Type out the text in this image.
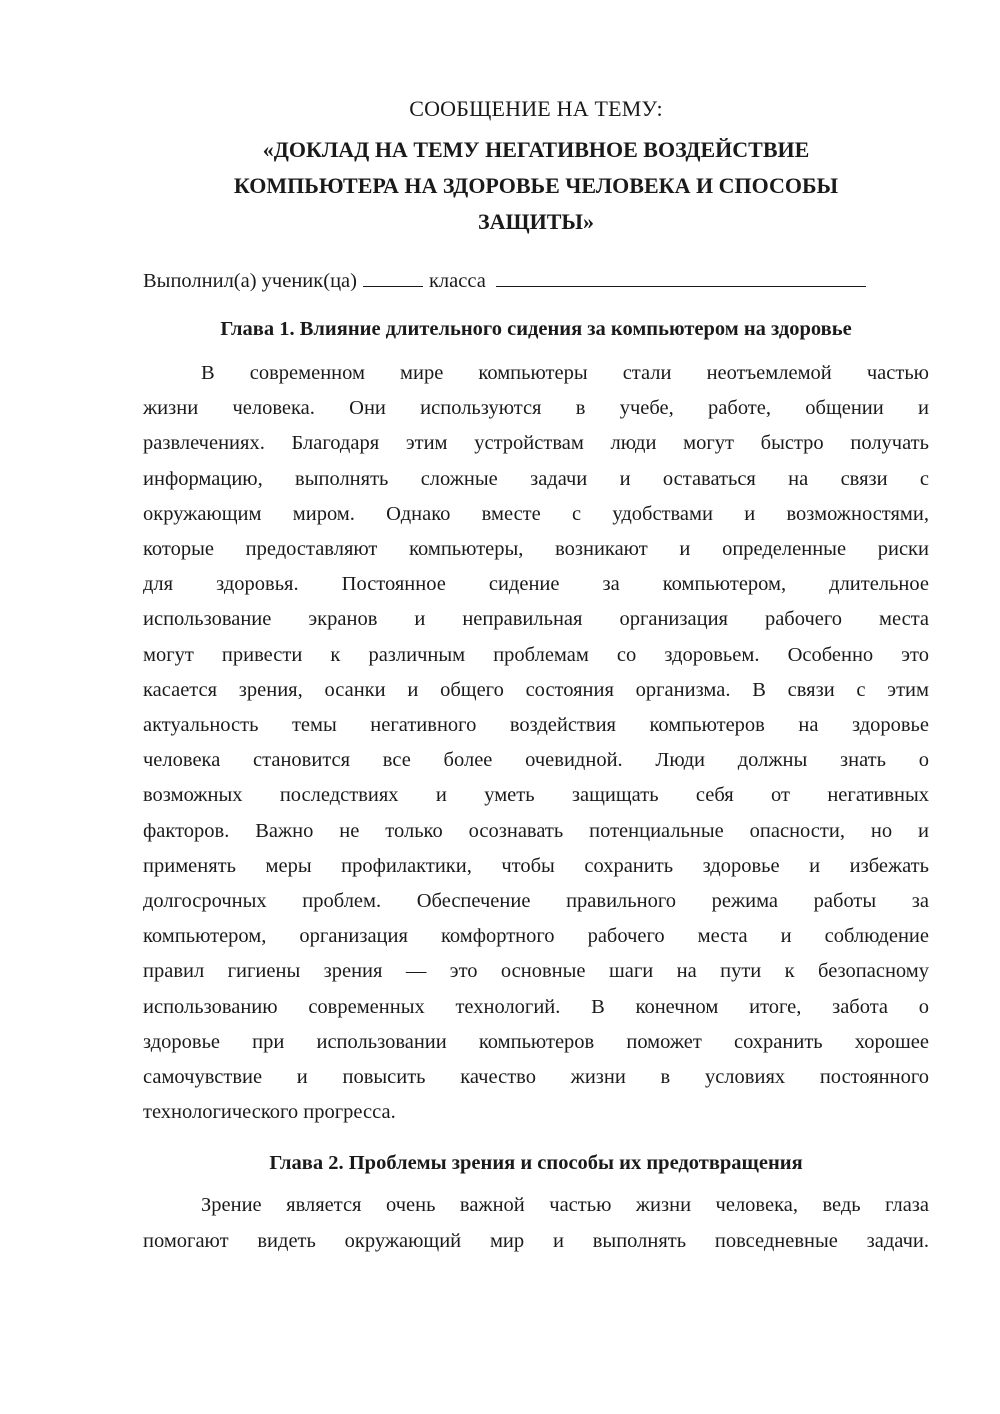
СООБЩЕНИЕ НА ТЕМУ:

«ДОКЛАД НА ТЕМУ НЕГАТИВНОЕ ВОЗДЕЙСТВИЕ КОМПЬЮТЕРА НА ЗДОРОВЬЕ ЧЕЛОВЕКА И СПОСОБЫ ЗАЩИТЫ»

Выполнил(а) ученик(ца)	класса
Глава 1. Влияние длительного сидения за компьютером на здоровье
В современном мире компьютеры стали неотъемлемой частью
жизни человека. Они используются в учебе, работе, общении и
развлечениях. Благодаря этим устройствам люди могут быстро получать
информацию, выполнять сложные задачи и оставаться на связи с
окружающим миром. Однако вместе с удобствами и возможностями,
которые предоставляют компьютеры, возникают и определенные риски
для здоровья. Постоянное сидение за компьютером, длительное
использование экранов и неправильная организация рабочего места
могут привести к различным проблемам со здоровьем. Особенно это
касается зрения, осанки и общего состояния организма. В связи с этим
актуальность темы негативного воздействия компьютеров на здоровье
человека становится все более очевидной. Люди должны знать о
возможных последствиях и уметь защищать себя от негативных
факторов. Важно не только осознавать потенциальные опасности, но и
применять меры профилактики, чтобы сохранить здоровье и избежать
долгосрочных проблем. Обеспечение правильного режима работы за
компьютером, организация комфортного рабочего места и соблюдение
правил гигиены зрения — это основные шаги на пути к безопасному
использованию современных технологий. В конечном итоге, забота о
здоровье при использовании компьютеров поможет сохранить хорошее
самочувствие и повысить качество жизни в условиях постоянного
технологического прогресса.
Глава 2. Проблемы зрения и способы их предотвращения
Зрение является очень важной частью жизни человека, ведь глаза
помогают видеть окружающий мир и выполнять повседневные задачи.
